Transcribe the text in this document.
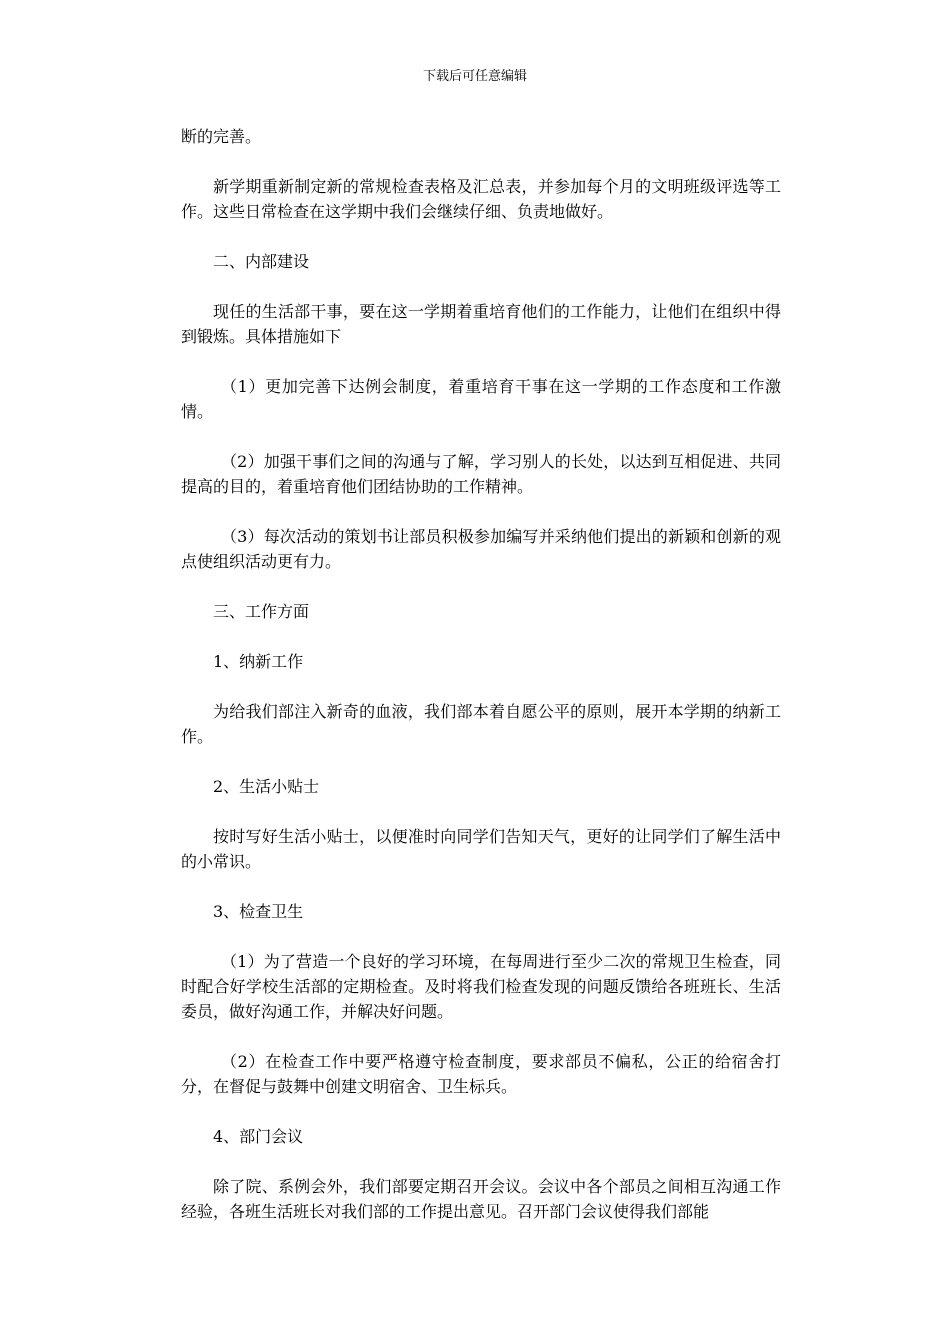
下载后可任意编辑

断的完善。

新学期重新制定新的常规检查表格及汇总表，并参加每个月的文明班级评选等工作。这些日常检查在这学期中我们会继续仔细、负责地做好。

二、内部建设

现任的生活部干事，要在这一学期着重培育他们的工作能力，让他们在组织中得到锻炼。具体措施如下

（1）更加完善下达例会制度，着重培育干事在这一学期的工作态度和工作激情。

（2）加强干事们之间的沟通与了解，学习别人的长处，以达到互相促进、共同提高的目的，着重培育他们团结协助的工作精神。

（3）每次活动的策划书让部员积极参加编写并采纳他们提出的新颖和创新的观点使组织活动更有力。

三、工作方面

1、纳新工作

为给我们部注入新奇的血液，我们部本着自愿公平的原则，展开本学期的纳新工作。

2、生活小贴士

按时写好生活小贴士，以便准时向同学们告知天气，更好的让同学们了解生活中的小常识。

3、检查卫生

（1）为了营造一个良好的学习环境，在每周进行至少二次的常规卫生检查，同时配合好学校生活部的定期检查。及时将我们检查发现的问题反馈给各班班长、生活委员，做好沟通工作，并解决好问题。

（2）在检查工作中要严格遵守检查制度，要求部员不偏私，公正的给宿舍打分，在督促与鼓舞中创建文明宿舍、卫生标兵。

4、部门会议

除了院、系例会外，我们部要定期召开会议。会议中各个部员之间相互沟通工作经验，各班生活班长对我们部的工作提出意见。召开部门会议使得我们部能
